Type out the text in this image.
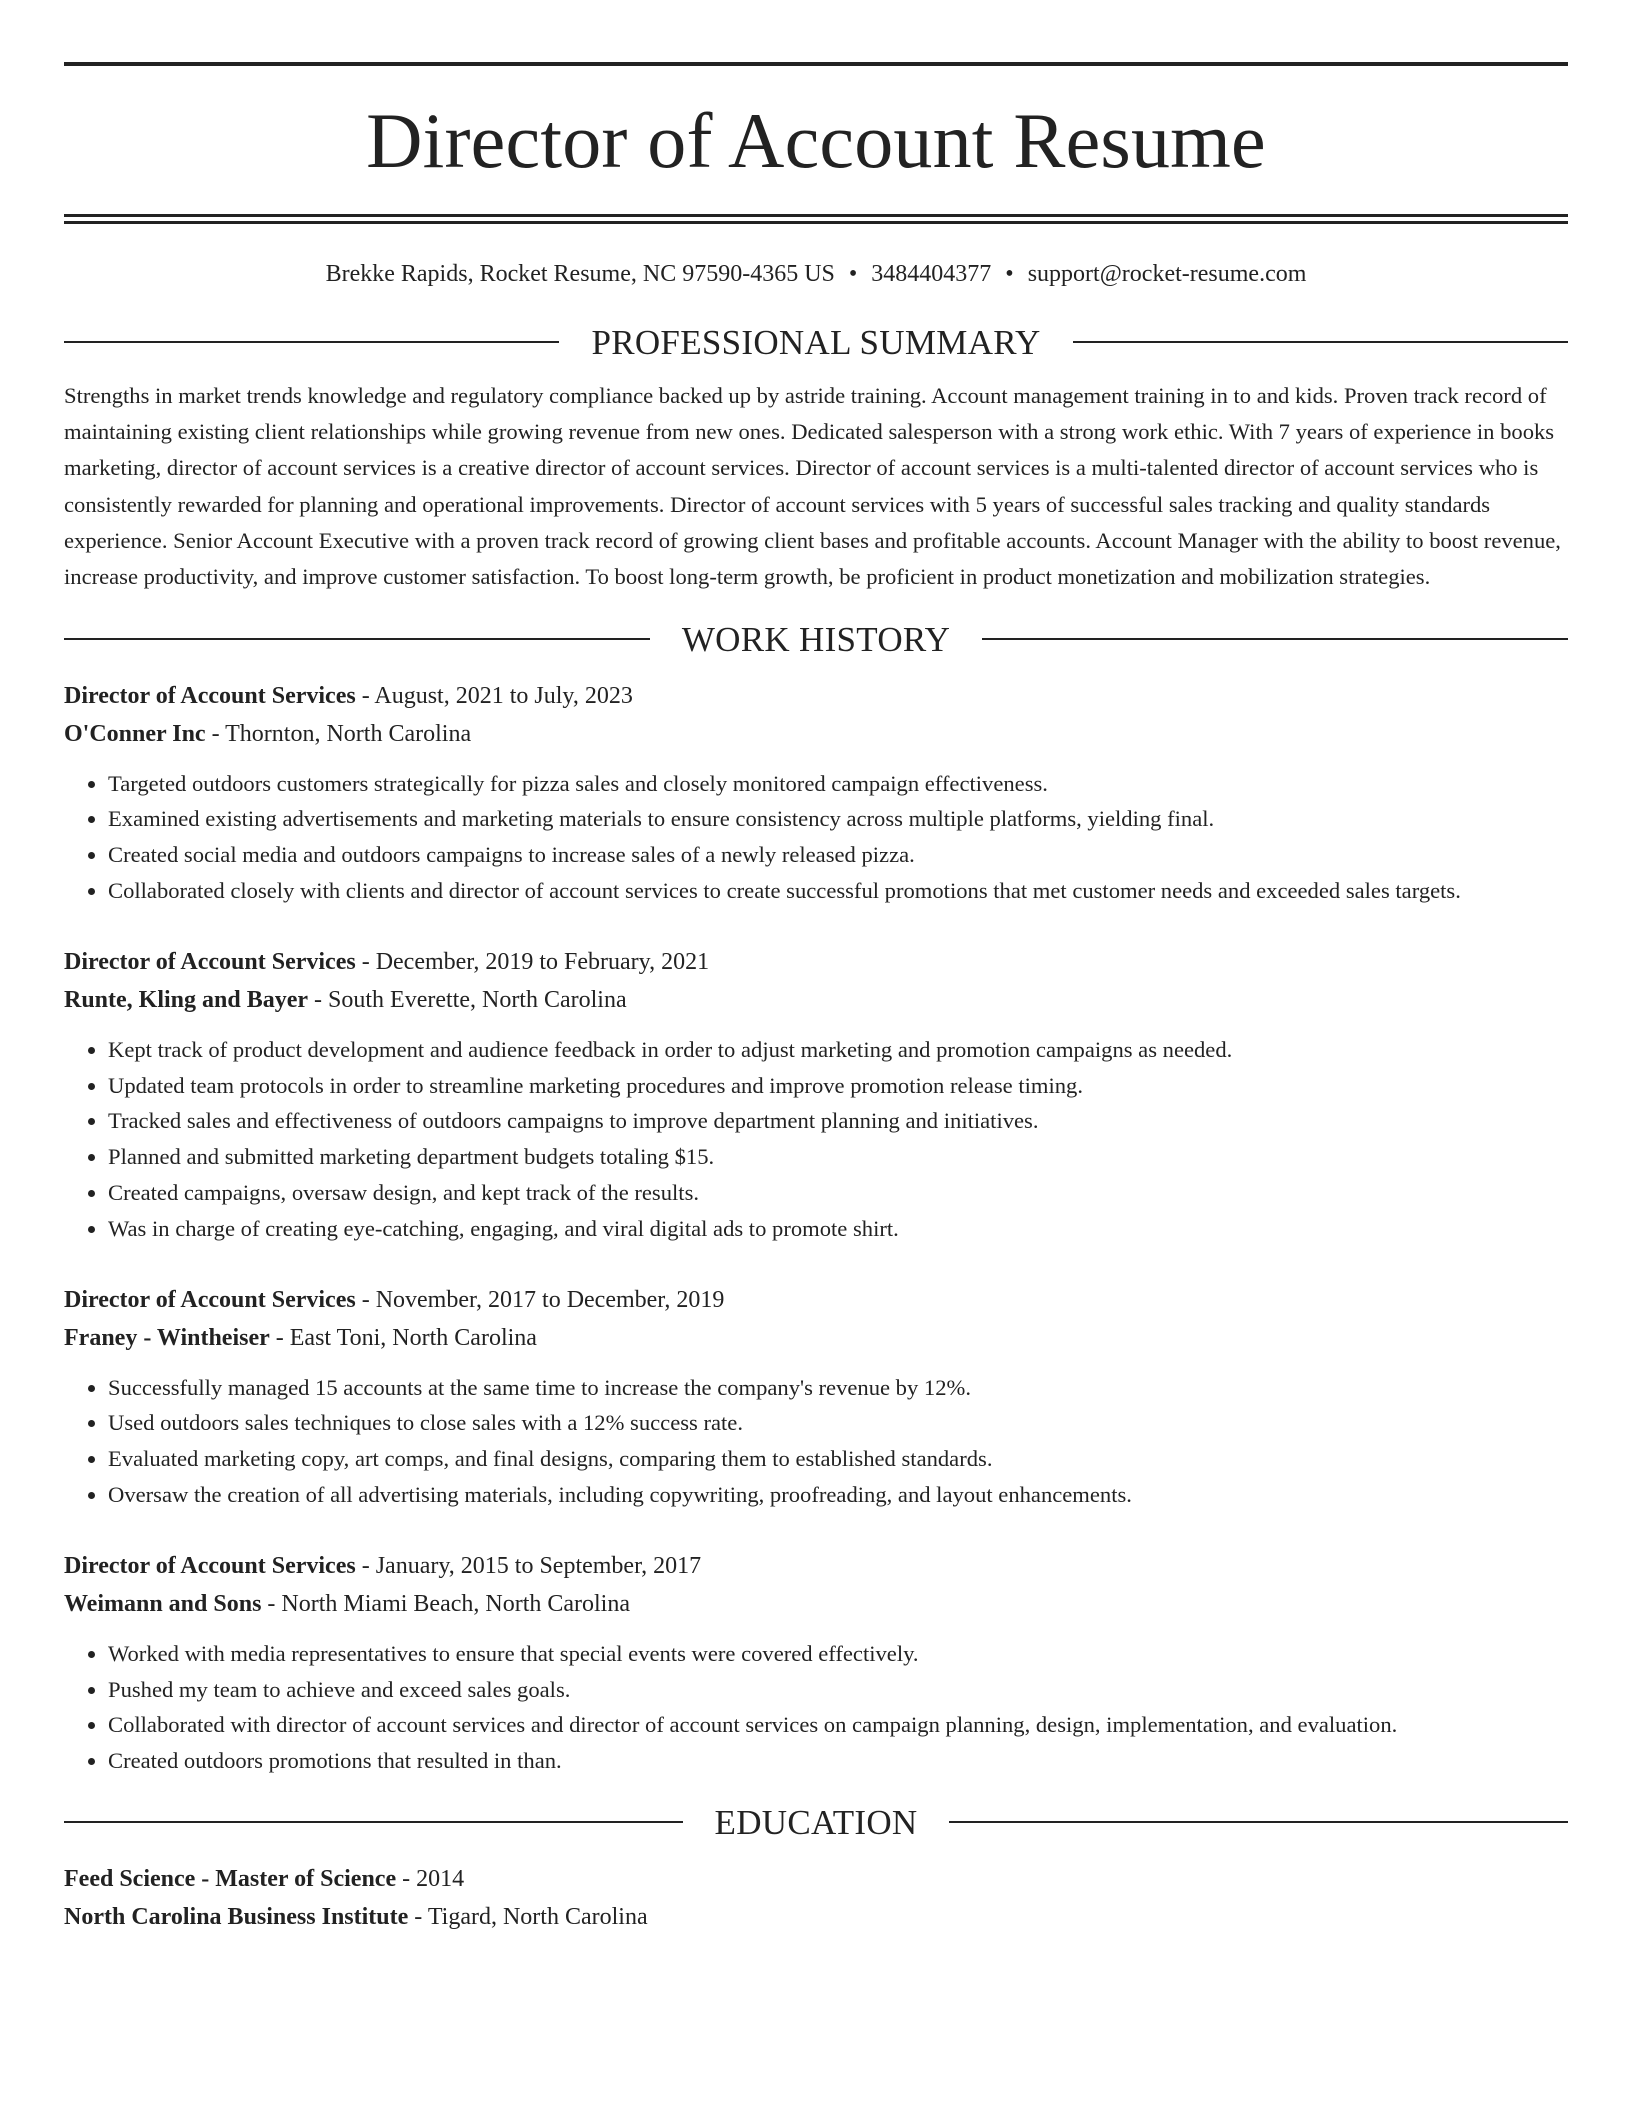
Director of Account Resume
Brekke Rapids, Rocket Resume, NC 97590-4365 US • 3484404377 • support@rocket-resume.com
PROFESSIONAL SUMMARY

Strengths in market trends knowledge and regulatory compliance backed up by astride training. Account management training in to and kids. Proven track record of maintaining existing client relationships while growing revenue from new ones. Dedicated salesperson with a strong work ethic. With 7 years of experience in books marketing, director of account services is a creative director of account services. Director of account services is a multi-talented director of account services who is consistently rewarded for planning and operational improvements. Director of account services with 5 years of successful sales tracking and quality standards experience. Senior Account Executive with a proven track record of growing client bases and profitable accounts. Account Manager with the ability to boost revenue, increase productivity, and improve customer satisfaction. To boost long-term growth, be proficient in product monetization and mobilization strategies.

WORK HISTORY
Director of Account Services - August, 2021 to July, 2023
O'Conner Inc - Thornton, North Carolina
• Targeted outdoors customers strategically for pizza sales and closely monitored campaign effectiveness.
• Examined existing advertisements and marketing materials to ensure consistency across multiple platforms, yielding final.
• Created social media and outdoors campaigns to increase sales of a newly released pizza.
• Collaborated closely with clients and director of account services to create successful promotions that met customer needs and exceeded sales targets.
Director of Account Services - December, 2019 to February, 2021
Runte, Kling and Bayer - South Everette, North Carolina
• Kept track of product development and audience feedback in order to adjust marketing and promotion campaigns as needed.
• Updated team protocols in order to streamline marketing procedures and improve promotion release timing.
• Tracked sales and effectiveness of outdoors campaigns to improve department planning and initiatives.
• Planned and submitted marketing department budgets totaling $15.
• Created campaigns, oversaw design, and kept track of the results.
• Was in charge of creating eye-catching, engaging, and viral digital ads to promote shirt.
Director of Account Services - November, 2017 to December, 2019
Franey - Wintheiser - East Toni, North Carolina
• Successfully managed 15 accounts at the same time to increase the company's revenue by 12%.
• Used outdoors sales techniques to close sales with a 12% success rate.
• Evaluated marketing copy, art comps, and final designs, comparing them to established standards.
• Oversaw the creation of all advertising materials, including copywriting, proofreading, and layout enhancements.
Director of Account Services - January, 2015 to September, 2017
Weimann and Sons - North Miami Beach, North Carolina
• Worked with media representatives to ensure that special events were covered effectively.
• Pushed my team to achieve and exceed sales goals.
• Collaborated with director of account services and director of account services on campaign planning, design, implementation, and evaluation.
• Created outdoors promotions that resulted in than.
EDUCATION
Feed Science - Master of Science - 2014
North Carolina Business Institute - Tigard, North Carolina
